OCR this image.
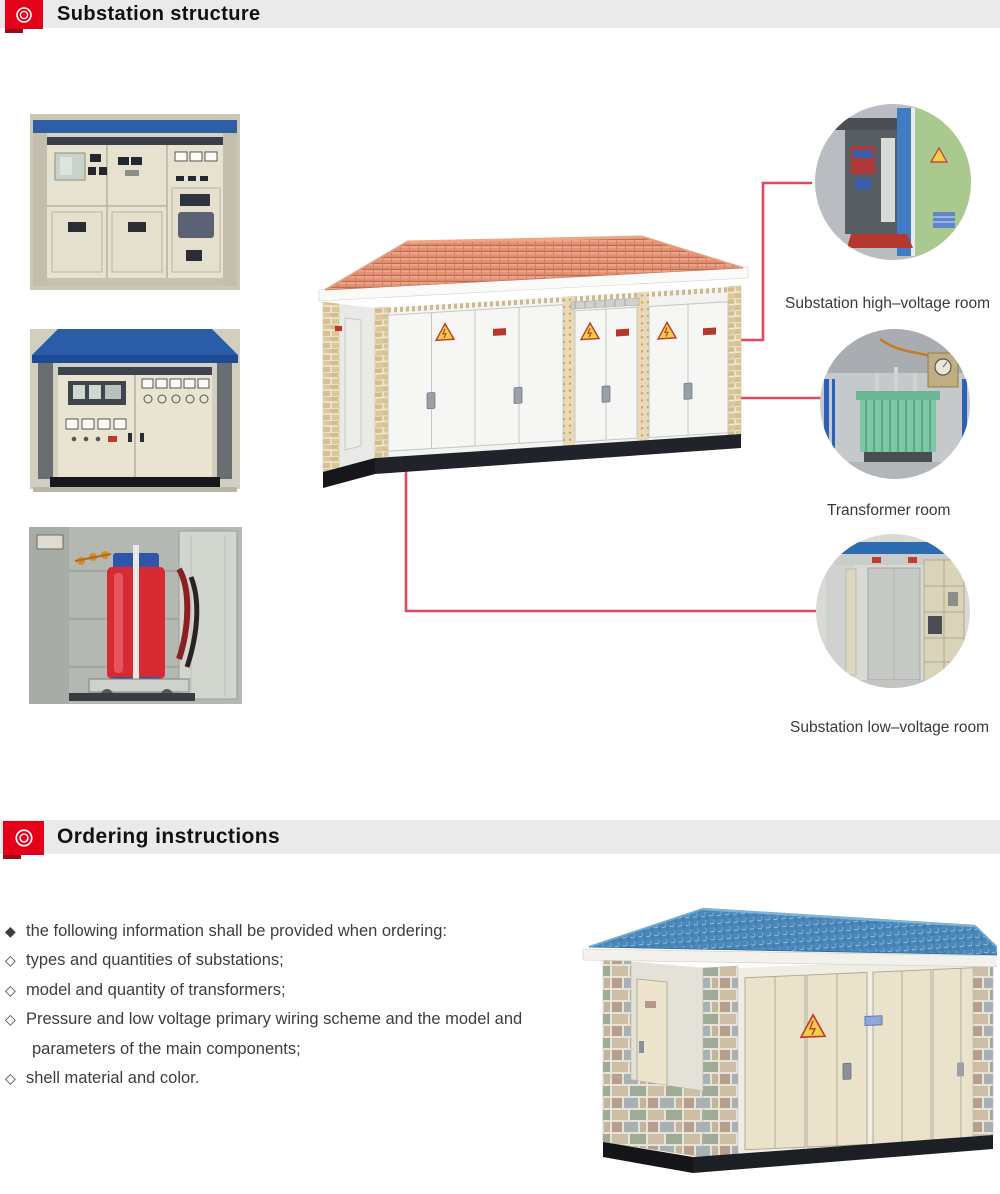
Substation structure
Substation high–voltage room
Transformer room
Substation low–voltage room
Ordering instructions
◆ the following information shall be provided when ordering:
◇ types and quantities of substations;
◇ model and quantity of transformers;
◇ Pressure and low voltage primary wiring scheme and the model and
parameters of the main components;
◇ shell material and color.
